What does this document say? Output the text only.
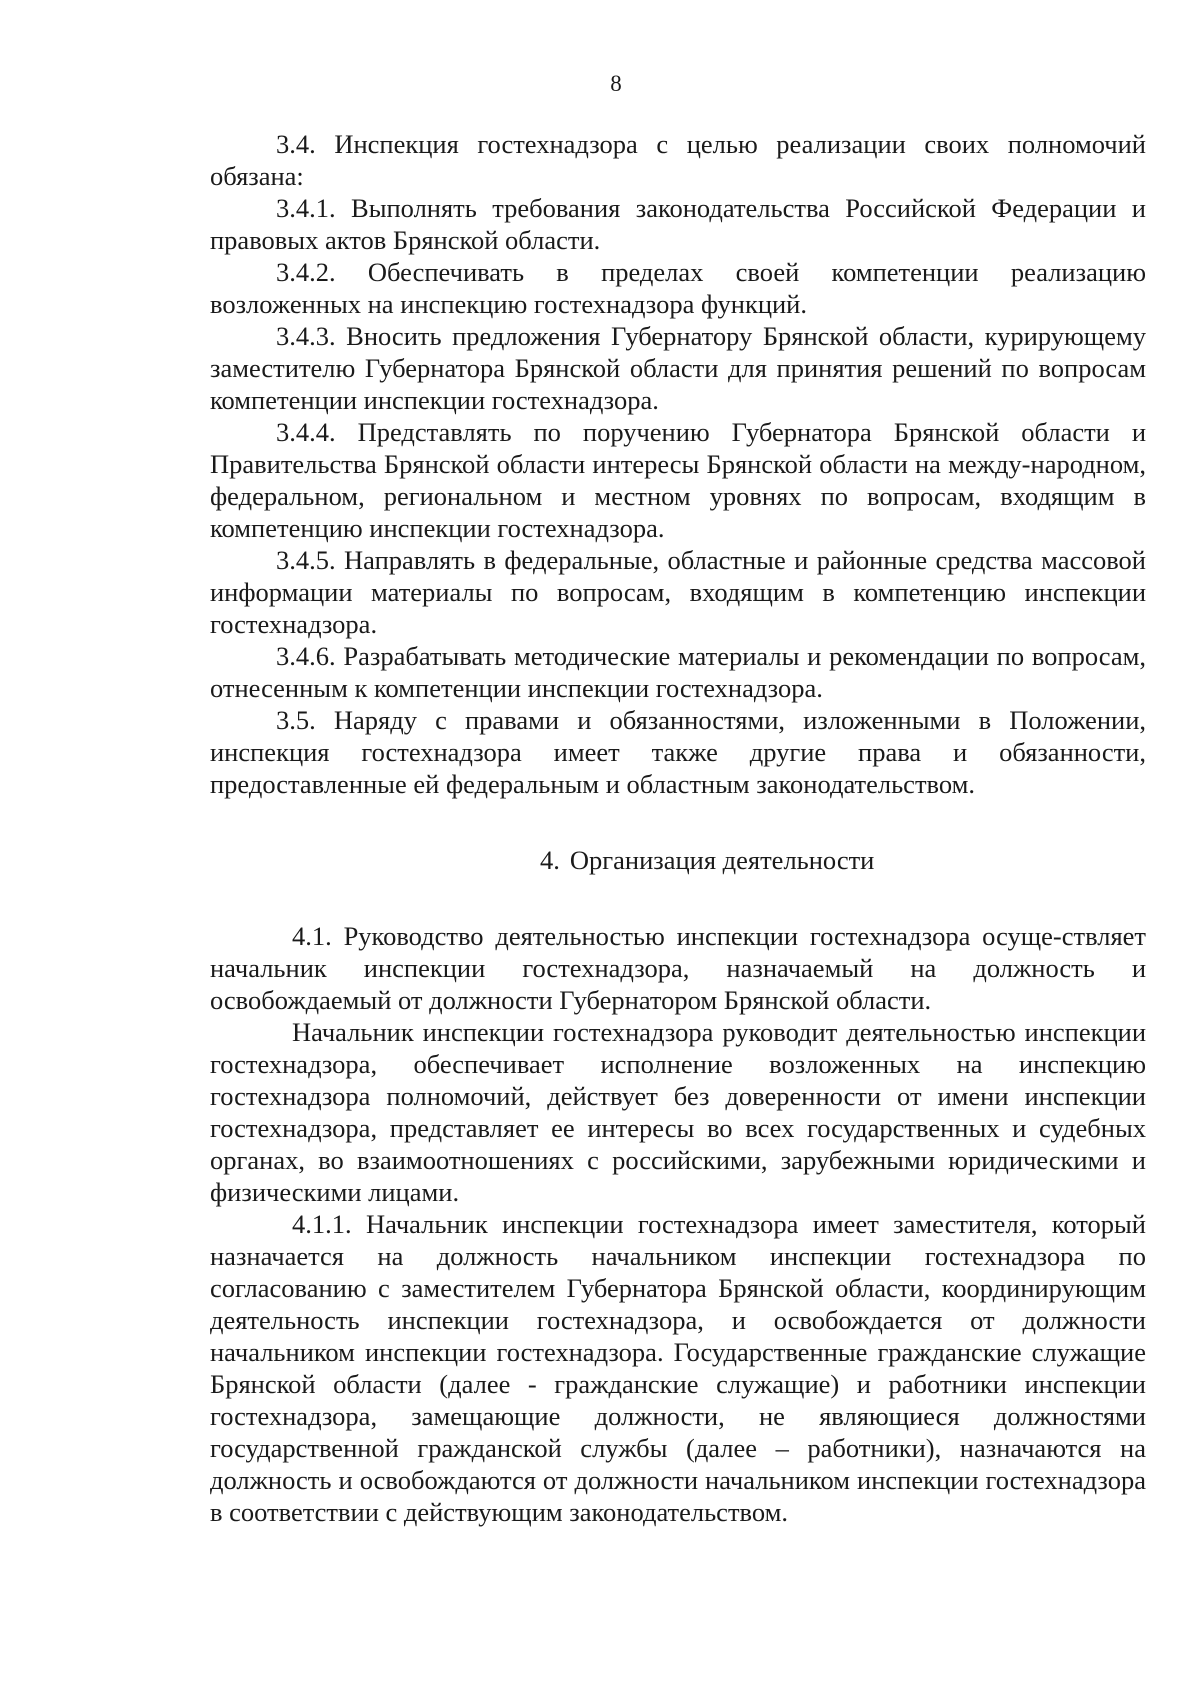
8

3.4. Инспекция гостехнадзора с целью реализации своих полномочий обязана:

3.4.1. Выполнять требования законодательства Российской Федерации и правовых актов Брянской области.

3.4.2. Обеспечивать в пределах своей компетенции реализацию возложенных на инспекцию гостехнадзора функций.

3.4.3. Вносить предложения Губернатору Брянской области, курирующему заместителю Губернатора Брянской области для принятия решений по вопросам компетенции инспекции гостехнадзора.

3.4.4. Представлять по поручению Губернатора Брянской области и Правительства Брянской области интересы Брянской области на между-народном, федеральном, региональном и местном уровнях по вопросам, входящим в компетенцию инспекции гостехнадзора.

3.4.5. Направлять в федеральные, областные и районные средства массовой информации материалы по вопросам, входящим в компетенцию инспекции гостехнадзора.

3.4.6. Разрабатывать методические материалы и рекомендации по вопросам, отнесенным к компетенции инспекции гостехнадзора.

3.5. Наряду с правами и обязанностями, изложенными в Положении, инспекция гостехнадзора имеет также другие права и обязанности, предоставленные ей федеральным и областным законодательством.

4. Организация деятельности

4.1. Руководство деятельностью инспекции гостехнадзора осуще-ствляет начальник инспекции гостехнадзора, назначаемый на должность и освобождаемый от должности Губернатором Брянской области.

Начальник инспекции гостехнадзора руководит деятельностью инспекции гостехнадзора, обеспечивает исполнение возложенных на инспекцию гостехнадзора полномочий, действует без доверенности от имени инспекции гостехнадзора, представляет ее интересы во всех государственных и судебных органах, во взаимоотношениях с российскими, зарубежными юридическими и физическими лицами.

4.1.1. Начальник инспекции гостехнадзора имеет заместителя, который назначается на должность начальником инспекции гостехнадзора по согласованию с заместителем Губернатора Брянской области, координирующим деятельность инспекции гостехнадзора, и освобождается от должности начальником инспекции гостехнадзора. Государственные гражданские служащие Брянской области (далее - гражданские служащие) и работники инспекции гостехнадзора, замещающие должности, не являющиеся должностями государственной гражданской службы (далее – работники), назначаются на должность и освобождаются от должности начальником инспекции гостехнадзора в соответствии с действующим законодательством.
